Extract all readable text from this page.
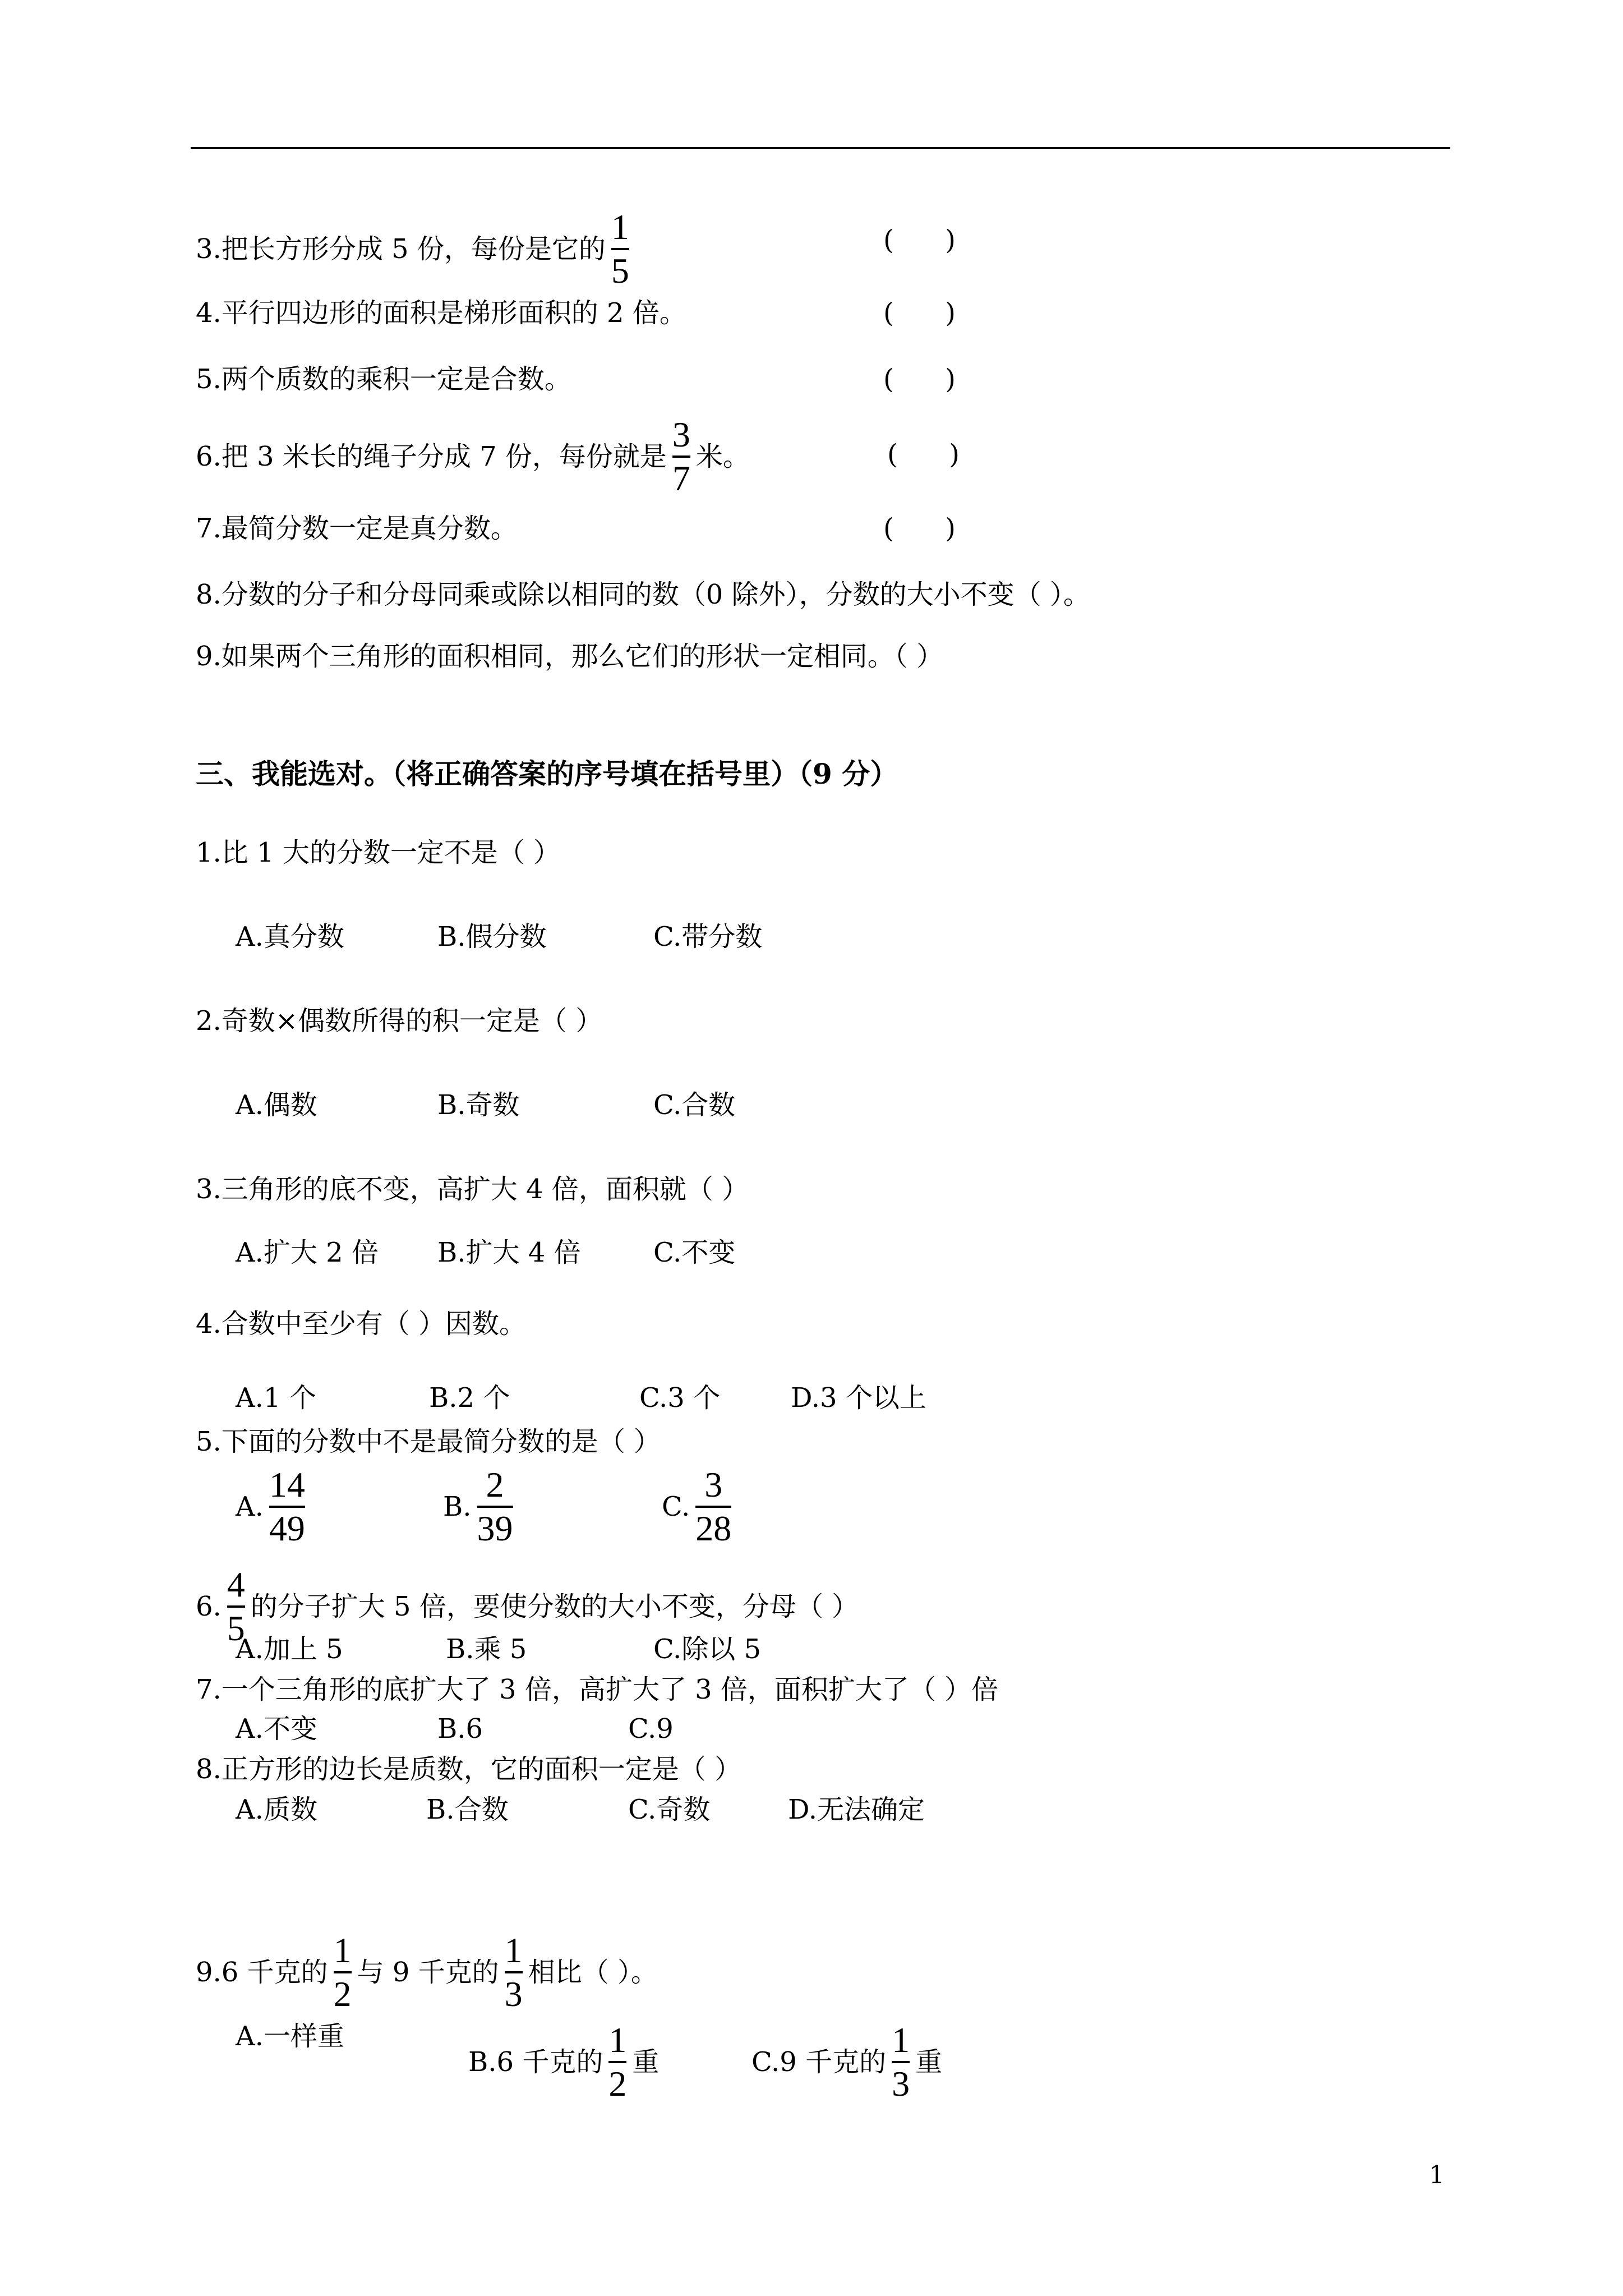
3.把长方形分成 5 份，每份是它的 $\frac{1}{5}$	(      )
4.平行四边形的面积是梯形面积的 2 倍。	(      )
5.两个质数的乘积一定是合数。	(      )
6.把 3 米长的绳子分成 7 份，每份就是 $\frac{3}{7}$ 米。	(      )
7.最简分数一定是真分数。	(      )
8.分数的分子和分母同乘或除以相同的数（0 除外），分数的大小不变（ ）。
9.如果两个三角形的面积相同，那么它们的形状一定相同。（ ）
三、我能选对。（将正确答案的序号填在括号里）（9 分）
1.比 1 大的分数一定不是（ ）
A.真分数	B.假分数	C.带分数
2.奇数×偶数所得的积一定是（ ）
A.偶数	B.奇数	C.合数
3.三角形的底不变，高扩大 4 倍，面积就（ ）
A.扩大 2 倍 B.扩大 4 倍	C.不变
4.合数中至少有（ ）因数。
A.1 个	B.2 个	C.3 个	D.3 个以上
5.下面的分数中不是最简分数的是（ ）
A. $\frac{14}{49}$	B. $\frac{2}{39}$	C. $\frac{3}{28}$
6. $\frac{4}{5}$ 的分子扩大 5 倍，要使分数的大小不变，分母（ ）
A.加上 5	B.乘 5	C.除以 5
7.一个三角形的底扩大了 3 倍，高扩大了 3 倍，面积扩大了（ ）倍
A.不变	B.6	C.9
8.正方形的边长是质数，它的面积一定是（ ）
A.质数	B.合数	C.奇数	D.无法确定
9.6 千克的 $\frac{1}{2}$ 与 9 千克的 $\frac{1}{3}$ 相比（ ）。
A.一样重
B.6 千克的 $\frac{1}{2}$ 重	C.9 千克的 $\frac{1}{3}$ 重
1
